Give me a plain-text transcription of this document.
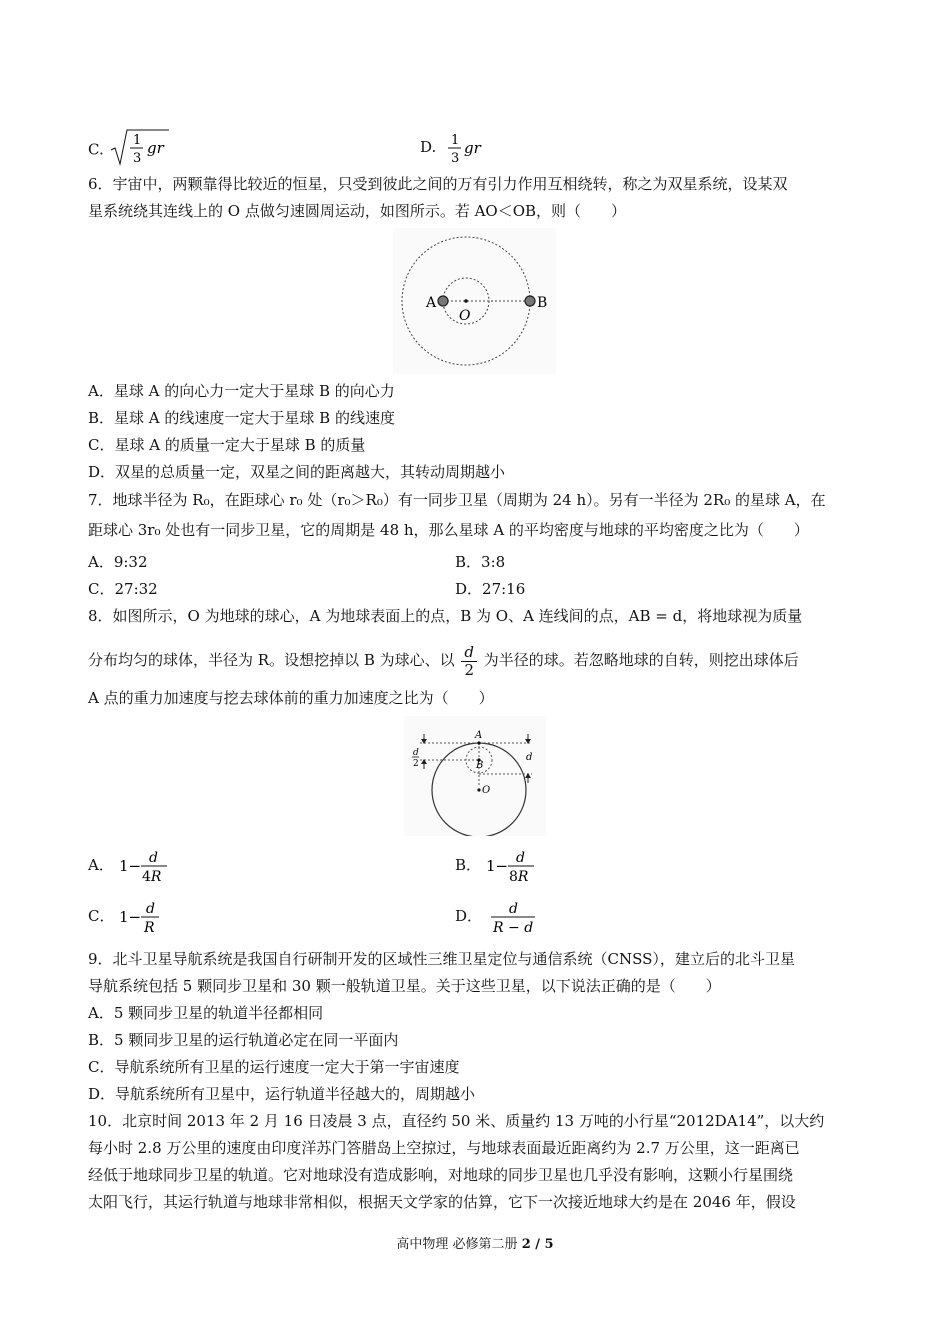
C. 1
3
gr	D. 1
3
gr
6．宇宙中，两颗靠得比较近的恒星，只受到彼此之间的万有引力作用互相绕转，称之为双星系统，设某双
星系统绕其连线上的 O 点做匀速圆周运动，如图所示。若 AO＜OB，则（　　）
A	B
O
A．星球 A 的向心力一定大于星球 B 的向心力
B．星球 A 的线速度一定大于星球 B 的线速度
C．星球 A 的质量一定大于星球 B 的质量
D．双星的总质量一定，双星之间的距离越大，其转动周期越小
7．地球半径为 R₀，在距球心 r₀ 处（r₀＞R₀）有一同步卫星（周期为 24 h）。另有一半径为 2R₀ 的星球 A，在
距球心 3r₀ 处也有一同步卫星，它的周期是 48 h，那么星球 A 的平均密度与地球的平均密度之比为（　　）
A．9:32	B．3:8
C．27:32	D．27:16
8．如图所示，O 为地球的球心，A 为地球表面上的点，B 为 O、A 连线间的点，AB = d，将地球视为质量
分布均匀的球体，半径为 R。设想挖掉以 B 为球心、以 $\frac{d}{2}$ 为半径的球。若忽略地球的自转，则挖出球体后
A 点的重力加速度与挖去球体前的重力加速度之比为（　　）
A
B
O
d
d
2
A． 1− d
4R
B． 1− d
8R
C． 1− d
R
D． d
R − d
9．北斗卫星导航系统是我国自行研制开发的区域性三维卫星定位与通信系统（CNSS），建立后的北斗卫星
导航系统包括 5 颗同步卫星和 30 颗一般轨道卫星。关于这些卫星，以下说法正确的是（　　）
A．5 颗同步卫星的轨道半径都相同
B．5 颗同步卫星的运行轨道必定在同一平面内
C．导航系统所有卫星的运行速度一定大于第一宇宙速度
D．导航系统所有卫星中，运行轨道半径越大的，周期越小
10．北京时间 2013 年 2 月 16 日凌晨 3 点，直径约 50 米、质量约 13 万吨的小行星“2012DA14”，以大约
每小时 2.8 万公里的速度由印度洋苏门答腊岛上空掠过，与地球表面最近距离约为 2.7 万公里，这一距离已
经低于地球同步卫星的轨道。它对地球没有造成影响，对地球的同步卫星也几乎没有影响，这颗小行星围绕
太阳飞行，其运行轨道与地球非常相似，根据天文学家的估算，它下一次接近地球大约是在 2046 年，假设
高中物理 必修第二册 2 / 5
